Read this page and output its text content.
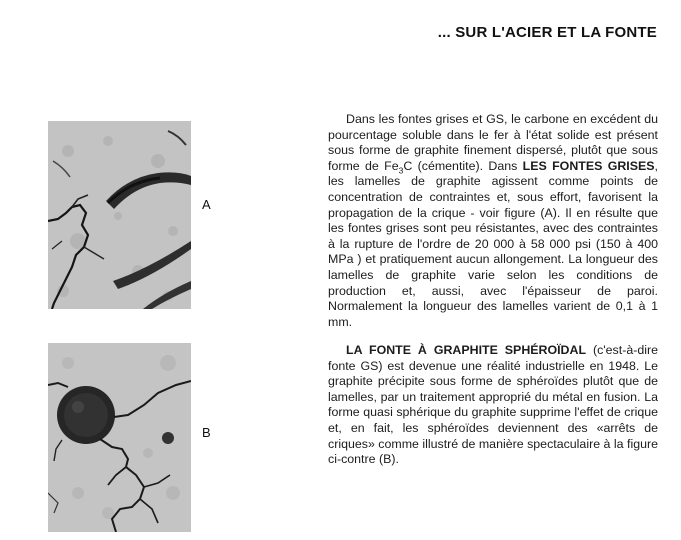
... SUR L'ACIER ET LA FONTE
A
B

Dans les fontes grises et GS, le carbone en excédent du pourcentage soluble dans le fer à l'état solide est présent sous forme de graphite finement dispersé, plutôt que sous forme de $Fe_3C$ (cémentite). Dans LES FONTES GRISES, les lamelles de graphite agissent comme points de concentration de contraintes et, sous effort, favorisent la propagation de la crique - voir figure (A). Il en résulte que les fontes grises sont peu résistantes, avec des contraintes à la rupture de l'ordre de 20 000 à 58 000 psi (150 à 400 MPa ) et pratiquement aucun allongement. La longueur des lamelles de graphite varie selon les conditions de production et, aussi, avec l'épaisseur de paroi. Normalement la longueur des lamelles varient de 0,1 à 1 mm.

LA FONTE À GRAPHITE SPHÉROÏDAL (c'est-à-dire fonte GS) est devenue une réalité industrielle en 1948. Le graphite précipite sous forme de sphéroïdes plutôt que de lamelles, par un traitement approprié du métal en fusion. La forme quasi sphérique du graphite supprime l'effet de crique et, en fait, les sphéroïdes deviennent des «arrêts de criques» comme illustré de manière spectaculaire à la figure ci-contre (B).
